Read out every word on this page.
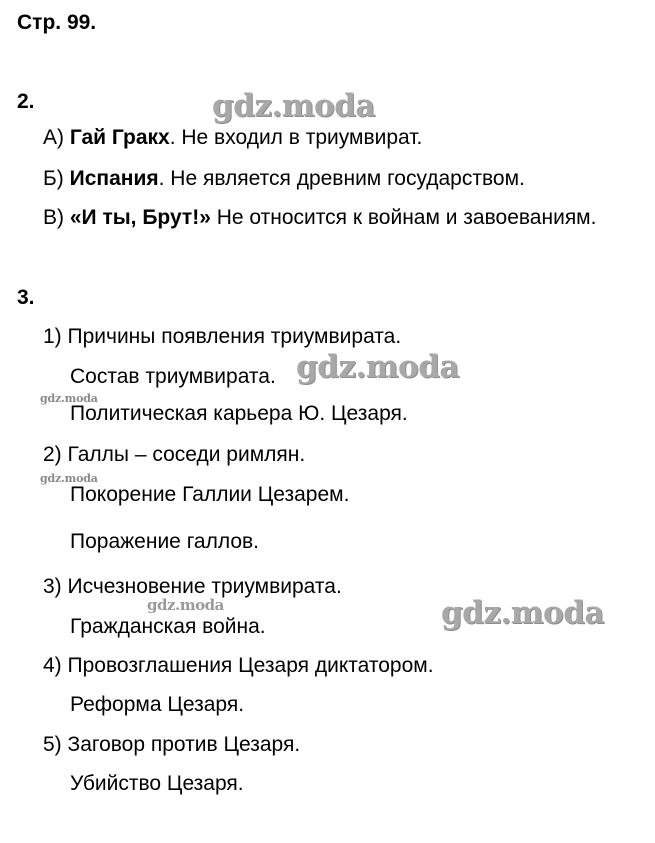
gdz.moda
gdz.moda
gdz.moda
gdz.moda
gdz.moda
gdz.moda
Стр. 99.
2.
А) Гай Гракх. Не входил в триумвират.
Б) Испания. Не является древним государством.
В) «И ты, Брут!» Не относится к войнам и завоеваниям.
3.
1) Причины появления триумвирата.
Состав триумвирата.
Политическая карьера Ю. Цезаря.
2) Галлы – соседи римлян.
Покорение Галлии Цезарем.
Поражение галлов.
3) Исчезновение триумвирата.
Гражданская война.
4) Провозглашения Цезаря диктатором.
Реформа Цезаря.
5) Заговор против Цезаря.
Убийство Цезаря.
